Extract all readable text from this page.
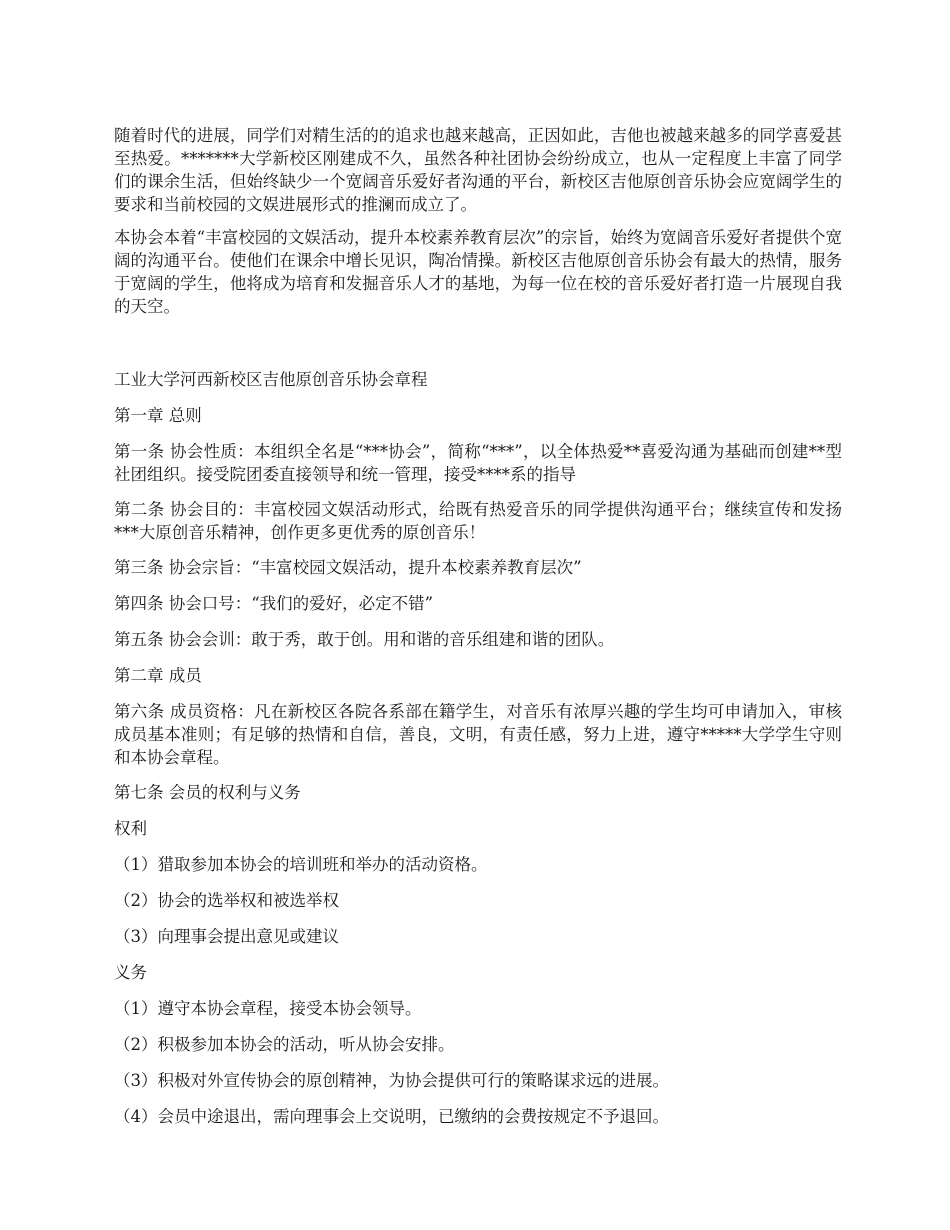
随着时代的进展，同学们对精生活的的追求也越来越高，正因如此，吉他也被越来越多的同学喜爱甚至热爱。*******大学新校区刚建成不久，虽然各种社团协会纷纷成立，也从一定程度上丰富了同学们的课余生活，但始终缺少一个宽阔音乐爱好者沟通的平台，新校区吉他原创音乐协会应宽阔学生的要求和当前校园的文娱进展形式的推澜而成立了。

本协会本着“丰富校园的文娱活动，提升本校素养教育层次”的宗旨，始终为宽阔音乐爱好者提供个宽阔的沟通平台。使他们在课余中增长见识，陶冶情操。新校区吉他原创音乐协会有最大的热情，服务于宽阔的学生，他将成为培育和发掘音乐人才的基地，为每一位在校的音乐爱好者打造一片展现自我的天空。

工业大学河西新校区吉他原创音乐协会章程

第一章 总则

第一条 协会性质：本组织全名是“***协会”，简称“***”，以全体热爱**喜爱沟通为基础而创建**型社团组织。接受院团委直接领导和统一管理，接受****系的指导

第二条 协会目的：丰富校园文娱活动形式，给既有热爱音乐的同学提供沟通平台；继续宣传和发扬***大原创音乐精神，创作更多更优秀的原创音乐！

第三条 协会宗旨：“丰富校园文娱活动，提升本校素养教育层次”

第四条 协会口号：“我们的爱好，必定不错”

第五条 协会会训：敢于秀，敢于创。用和谐的音乐组建和谐的团队。

第二章 成员

第六条 成员资格：凡在新校区各院各系部在籍学生，对音乐有浓厚兴趣的学生均可申请加入，审核成员基本准则；有足够的热情和自信，善良，文明，有责任感，努力上进，遵守*****大学学生守则和本协会章程。

第七条 会员的权利与义务

权利

（1）猎取参加本协会的培训班和举办的活动资格。

（2）协会的选举权和被选举权

（3）向理事会提出意见或建议

义务

（1）遵守本协会章程，接受本协会领导。

（2）积极参加本协会的活动，听从协会安排。

（3）积极对外宣传协会的原创精神，为协会提供可行的策略谋求远的进展。

（4）会员中途退出，需向理事会上交说明，已缴纳的会费按规定不予退回。
